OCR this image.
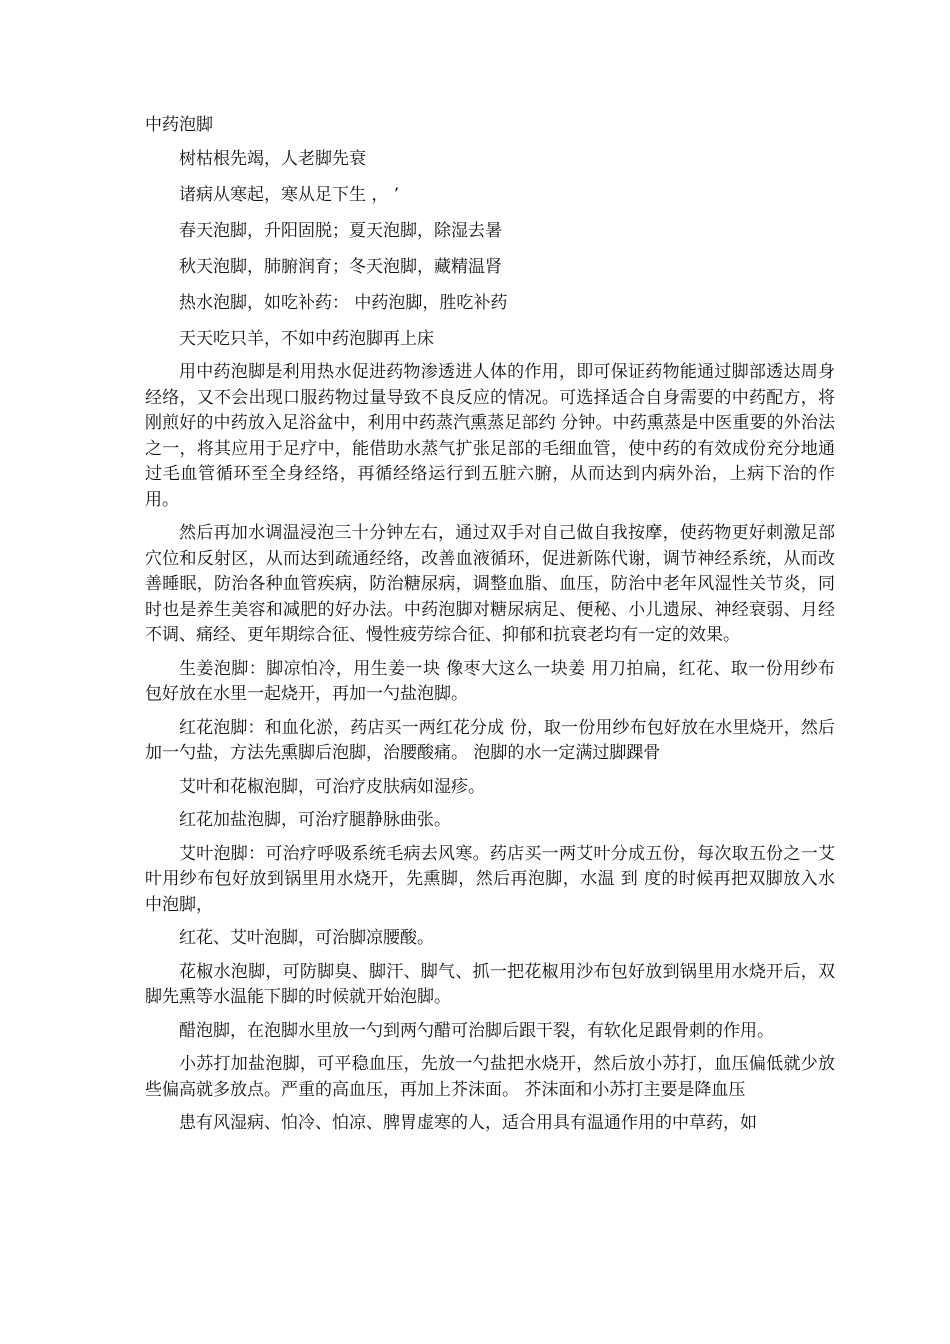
中药泡脚

树枯根先竭，人老脚先衰

诸病从寒起，寒从足下生 ， ’

春天泡脚，升阳固脱；夏天泡脚，除湿去暑

秋天泡脚，肺腑润育；冬天泡脚，藏精温肾

热水泡脚，如吃补药： 中药泡脚，胜吃补药

天天吃只羊，不如中药泡脚再上床

用中药泡脚是利用热水促进药物渗透进人体的作用，即可保证药物能通过脚部透达周身经络，又不会出现口服药物过量导致不良反应的情况。可选择适合自身需要的中药配方，将刚煎好的中药放入足浴盆中，利用中药蒸汽熏蒸足部约 分钟。中药熏蒸是中医重要的外治法之一，将其应用于足疗中，能借助水蒸气扩张足部的毛细血管，使中药的有效成份充分地通过毛血管循环至全身经络，再循经络运行到五脏六腑，从而达到内病外治，上病下治的作用。

然后再加水调温浸泡三十分钟左右，通过双手对自己做自我按摩，使药物更好刺激足部穴位和反射区，从而达到疏通经络，改善血液循环，促进新陈代谢，调节神经系统，从而改善睡眠，防治各种血管疾病，防治糖尿病，调整血脂、血压，防治中老年风湿性关节炎，同时也是养生美容和减肥的好办法。中药泡脚对糖尿病足、便秘、小儿遗尿、神经衰弱、月经不调、痛经、更年期综合征、慢性疲劳综合征、抑郁和抗衰老均有一定的效果。

生姜泡脚：脚凉怕冷，用生姜一块 像枣大这么一块姜 用刀拍扁，红花、取一份用纱布包好放在水里一起烧开，再加一勺盐泡脚。

红花泡脚：和血化淤，药店买一两红花分成 份，取一份用纱布包好放在水里烧开，然后加一勺盐，方法先熏脚后泡脚，治腰酸痛。 泡脚的水一定满过脚踝骨

艾叶和花椒泡脚，可治疗皮肤病如湿疹。

红花加盐泡脚，可治疗腿静脉曲张。

艾叶泡脚：可治疗呼吸系统毛病去风寒。药店买一两艾叶分成五份，每次取五份之一艾叶用纱布包好放到锅里用水烧开，先熏脚，然后再泡脚，水温 到 度的时候再把双脚放入水中泡脚，

红花、艾叶泡脚，可治脚凉腰酸。

花椒水泡脚，可防脚臭、脚汗、脚气、抓一把花椒用沙布包好放到锅里用水烧开后，双脚先熏等水温能下脚的时候就开始泡脚。

醋泡脚，在泡脚水里放一勺到两勺醋可治脚后跟干裂，有软化足跟骨刺的作用。

小苏打加盐泡脚，可平稳血压，先放一勺盐把水烧开，然后放小苏打，血压偏低就少放些偏高就多放点。严重的高血压，再加上芥沫面。 芥沫面和小苏打主要是降血压

患有风湿病、怕冷、怕凉、脾胃虚寒的人，适合用具有温通作用的中草药，如
